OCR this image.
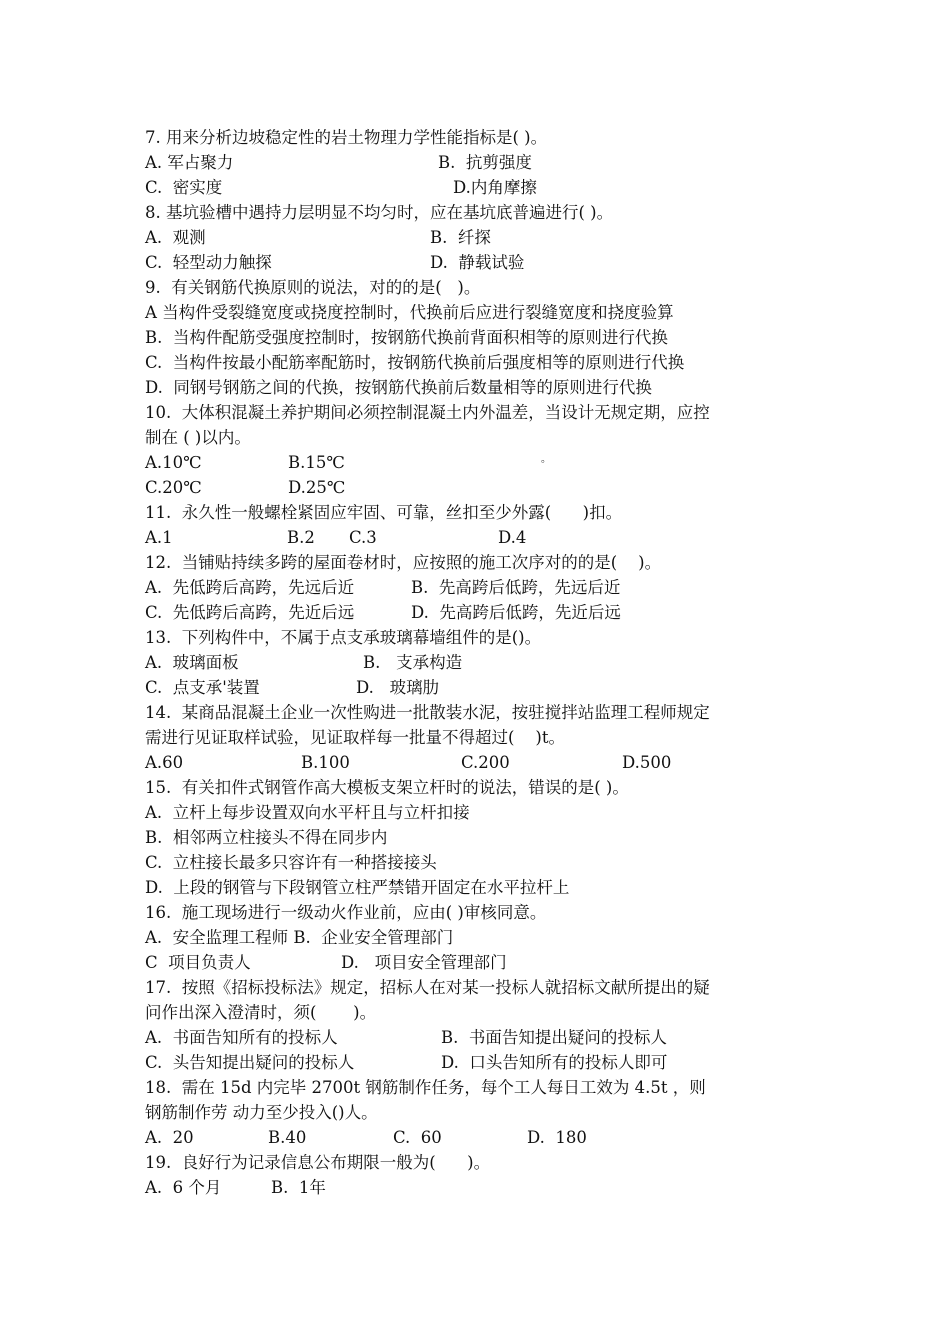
7. 用来分析边坡稳定性的岩土物理力学性能指标是( )。
A. 军占聚力	B.  抗剪强度
C.  密实度	D.内角摩擦
8. 基坑验槽中遇持力层明显不均匀时，应在基坑底普遍进行( )。
A.  观测	B.  纤探
C.  轻型动力触探	D.  静载试验
9.  有关钢筋代换原则的说法，对的的是(   )。
A 当构件受裂缝宽度或挠度控制时，代换前后应进行裂缝宽度和挠度验算
B.  当构件配筋受强度控制时，按钢筋代换前背面积相等的原则进行代换
C.  当构件按最小配筋率配筋时，按钢筋代换前后强度相等的原则进行代换
D.  同钢号钢筋之间的代换，按钢筋代换前后数量相等的原则进行代换
10.  大体积混凝土养护期间必须控制混凝土内外温差，当设计无规定期，应控
制在 ( )以内。
A.10℃	B.15℃	。
C.20℃	D.25℃
11.  永久性一般螺栓紧固应牢固、可靠，丝扣至少外露(      )扣。
A.1	B.2 C.3	D.4
12.  当铺贴持续多跨的屋面卷材时，应按照的施工次序对的的是(    )。
A.  先低跨后高跨，先远后近	B.  先高跨后低跨，先远后近
C.  先低跨后高跨，先近后远	D.  先高跨后低跨，先近后远
13.  下列构件中，不属于点支承玻璃幕墙组件的是()。
A.  玻璃面板	B.   支承构造
C.  点支承'装置	D.   玻璃肋
14.  某商品混凝土企业一次性购进一批散装水泥，按驻搅拌站监理工程师规定
需进行见证取样试验，见证取样每一批量不得超过(    )t。
A.60	B.100	C.200	D.500
15.  有关扣件式钢管作高大模板支架立杆时的说法，错误的是( )。
A.  立杆上每步设置双向水平杆且与立杆扣接
B.  相邻两立柱接头不得在同步内
C.  立柱接长最多只容许有一种搭接接头
D.  上段的钢管与下段钢管立柱严禁错开固定在水平拉杆上
16.  施工现场进行一级动火作业前，应由( )审核同意。
A.  安全监理工程师 B.  企业安全管理部门
C  项目负责人	D.   项目安全管理部门
17.  按照《招标投标法》规定，招标人在对某一投标人就招标文献所提出的疑
问作出深入澄清时，须(       )。
A.  书面告知所有的投标人	B.  书面告知提出疑问的投标人
C.  头告知提出疑问的投标人	D.  口头告知所有的投标人即可
18.  需在 15d 内完毕 2700t 钢筋制作任务，每个工人每日工效为 4.5t ，则
钢筋制作劳 动力至少投入()人。
A.  20	B.40	C.  60	D.  180
19.  良好行为记录信息公布期限一般为(      )。
A.  6 个月	B.  1年
